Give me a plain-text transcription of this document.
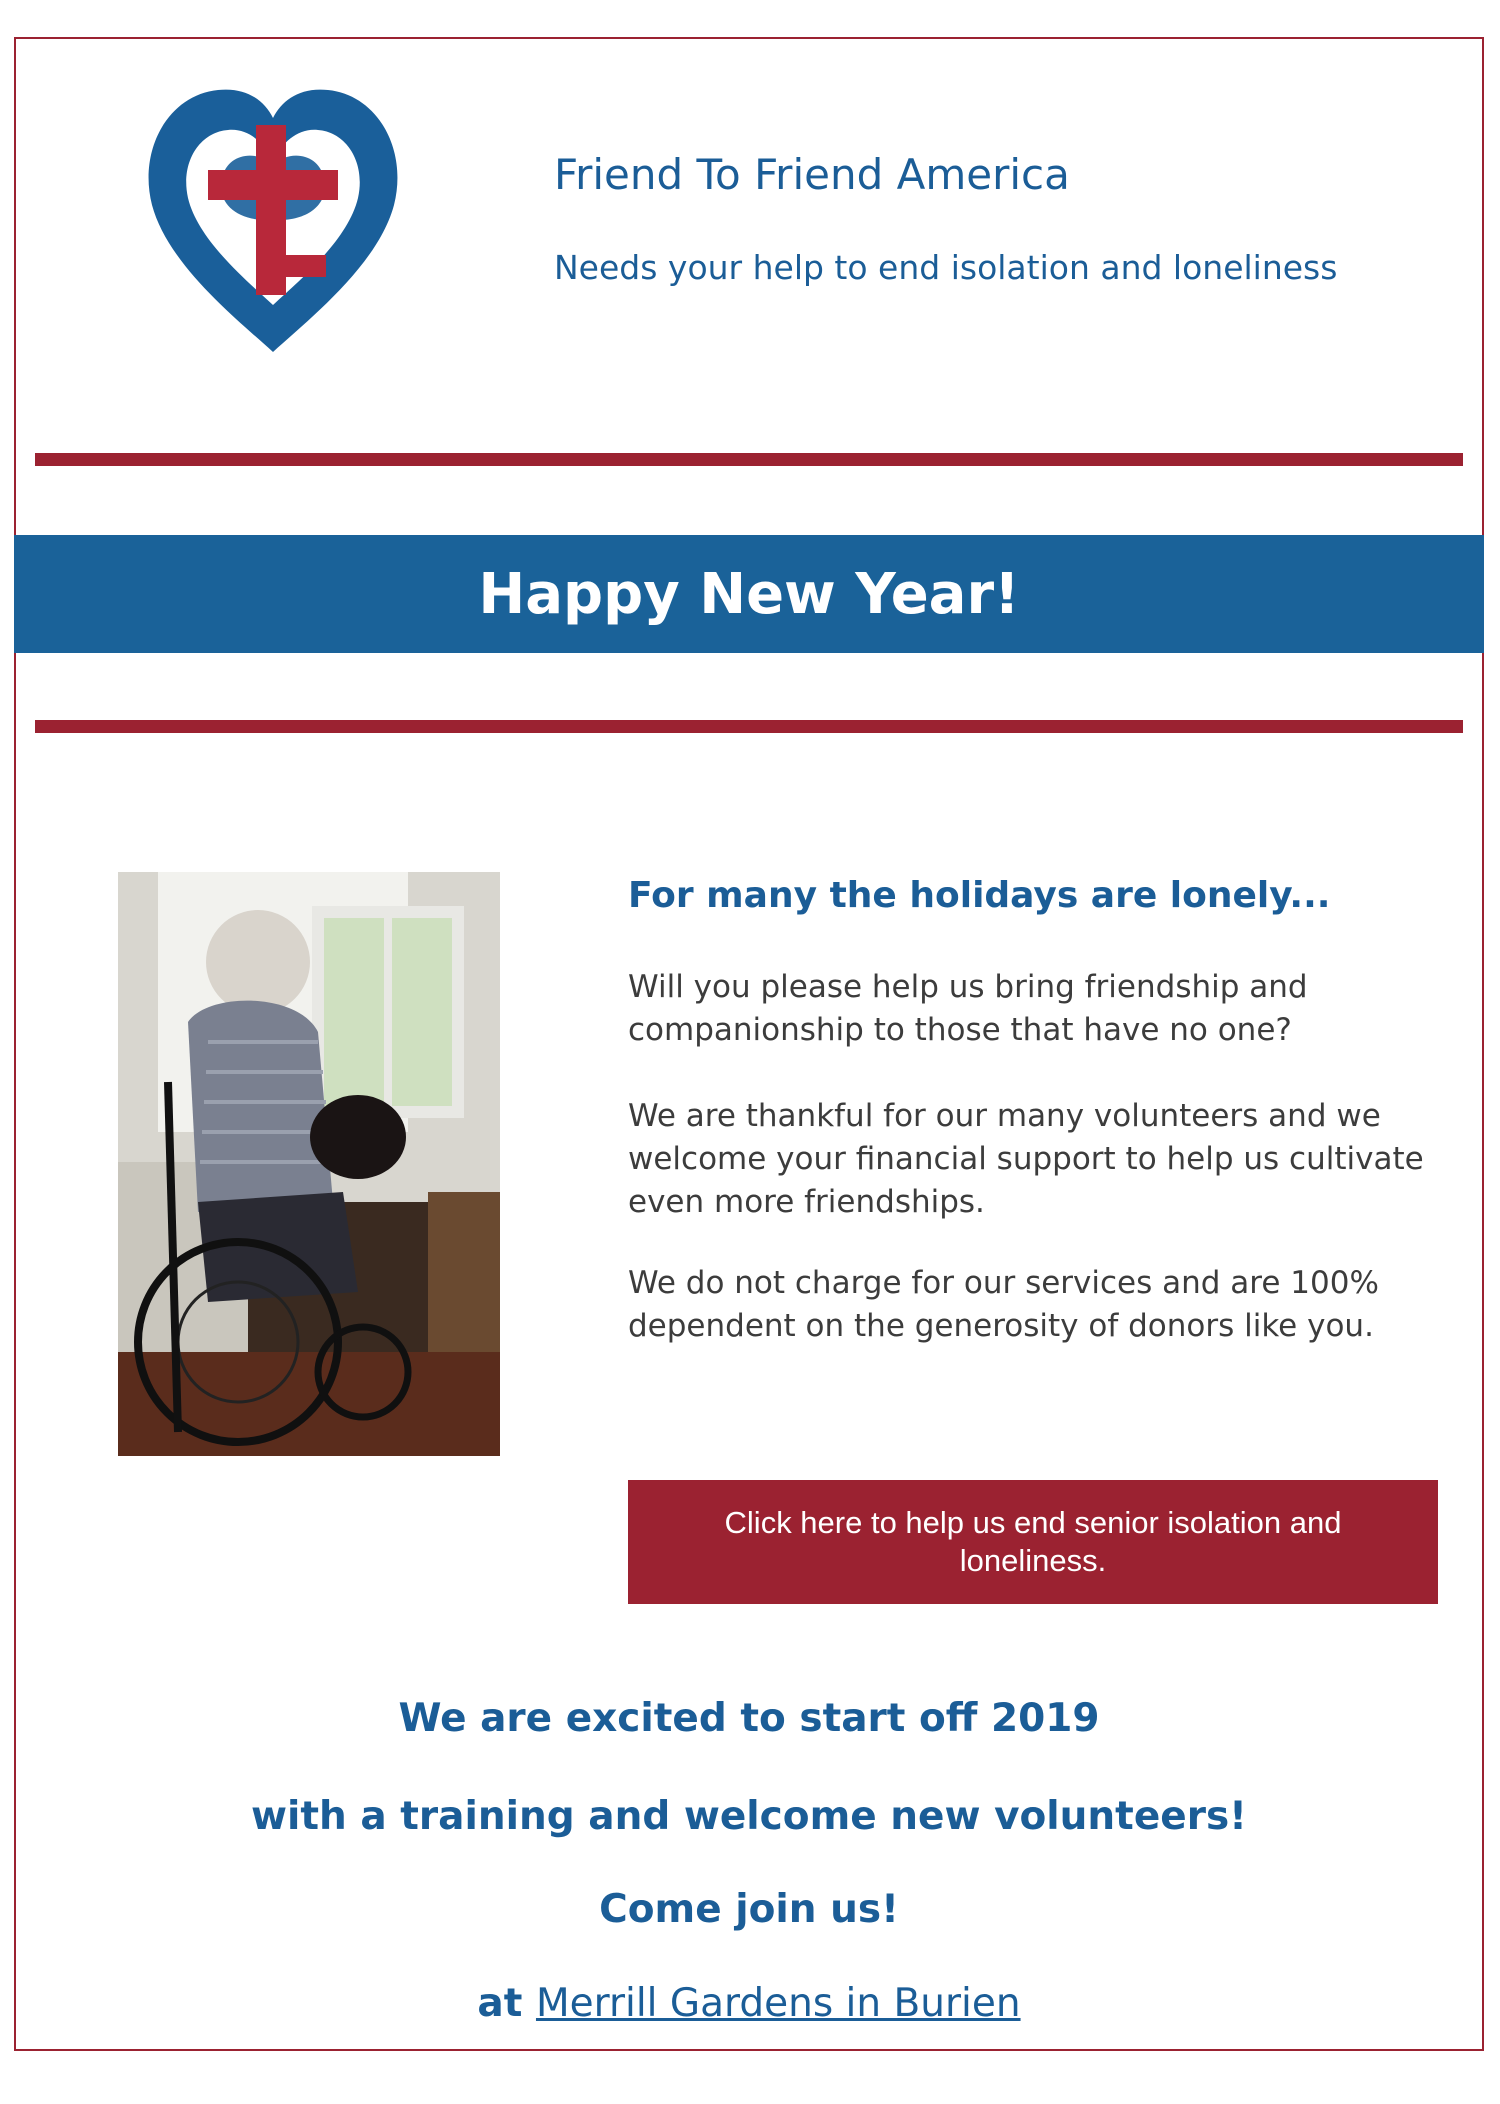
Friend To Friend America
Needs your help to end isolation and loneliness
Happy New Year!
For many the holidays are lonely...

Will you please help us bring friendship and companionship to those that have no one?

We are thankful for our many volunteers and we welcome your financial support to help us cultivate even more friendships.

We do not charge for our services and are 100% dependent on the generosity of donors like you.

Click here to help us end senior isolation and loneliness.
We are excited to start off 2019
with a training and welcome new volunteers!
Come join us!
at Merrill Gardens in Burien
